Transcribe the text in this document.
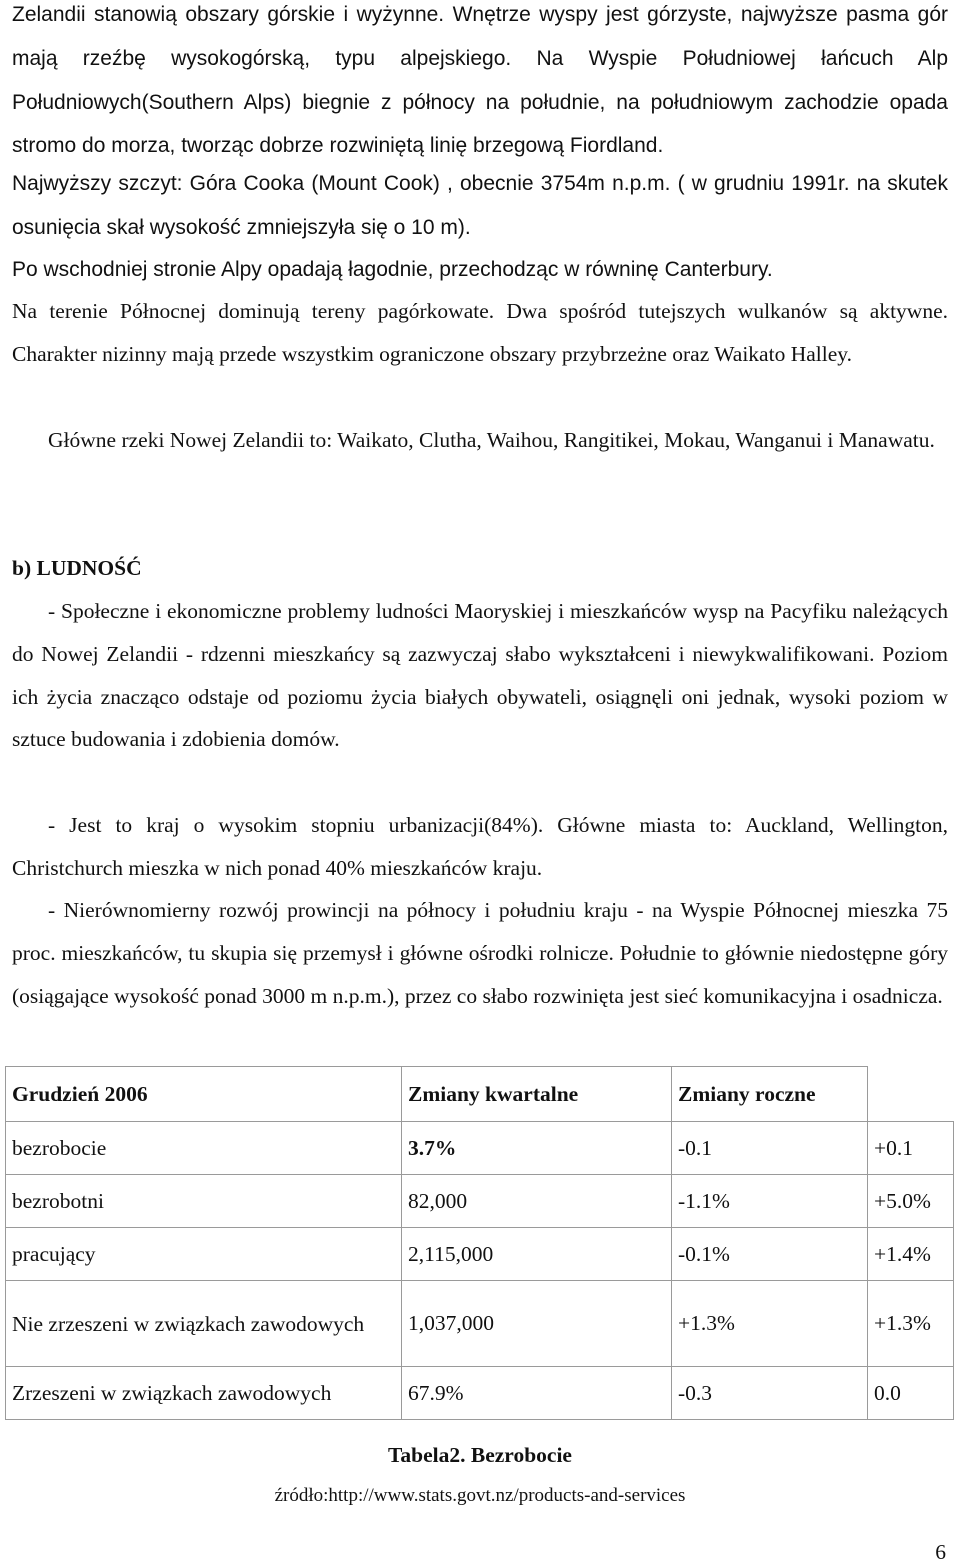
Zelandii stanowią obszary górskie i wyżynne. Wnętrze wyspy jest górzyste, najwyższe pasma gór mają rzeźbę wysokogórską, typu alpejskiego. Na Wyspie Południowej łańcuch Alp Południowych(Southern Alps) biegnie z północy na południe, na południowym zachodzie opada stromo do morza, tworząc dobrze rozwiniętą linię brzegową Fiordland.

Najwyższy szczyt: Góra Cooka (Mount Cook) , obecnie 3754m n.p.m. ( w grudniu 1991r. na skutek osunięcia skał wysokość zmniejszyła się o 10 m).

Po wschodniej stronie Alpy opadają łagodnie, przechodząc w równinę Canterbury.

Na terenie Północnej dominują tereny pagórkowate. Dwa spośród tutejszych wulkanów są aktywne. Charakter nizinny mają przede wszystkim ograniczone obszary przybrzeżne oraz Waikato Halley.

Główne rzeki Nowej Zelandii to: Waikato, Clutha, Waihou, Rangitikei, Mokau, Wanganui i Manawatu.

b) LUDNOŚĆ

- Społeczne i ekonomiczne problemy ludności Maoryskiej i mieszkańców wysp na Pacyfiku należących do Nowej Zelandii - rdzenni mieszkańcy są zazwyczaj słabo wykształceni i niewykwalifikowani. Poziom ich życia znacząco odstaje od poziomu życia białych obywateli, osiągnęli oni jednak, wysoki poziom w sztuce budowania i zdobienia domów.

- Jest to kraj o wysokim stopniu urbanizacji(84%). Główne miasta to: Auckland, Wellington, Christchurch mieszka w nich ponad 40% mieszkańców kraju.

- Nierównomierny rozwój prowincji na północy i południu kraju - na Wyspie Północnej mieszka 75 proc. mieszkańców, tu skupia się przemysł i główne ośrodki rolnicze. Południe to głównie niedostępne góry (osiągające wysokość ponad 3000 m n.p.m.), przez co słabo rozwinięta jest sieć komunikacyjna i osadnicza.

Grudzień 2006	Zmiany kwartalne	Zmiany roczne	
bezrobocie	3.7%	-0.1	+0.1
bezrobotni	82,000	-1.1%	+5.0%
pracujący	2,115,000	-0.1%	+1.4%
Nie zrzeszeni w związkach zawodowych	1,037,000	+1.3%	+1.3%
Zrzeszeni w związkach zawodowych	67.9%	-0.3	0.0
Tabela2. Bezrobocie
źródło:http://www.stats.govt.nz/products-and-services
6
